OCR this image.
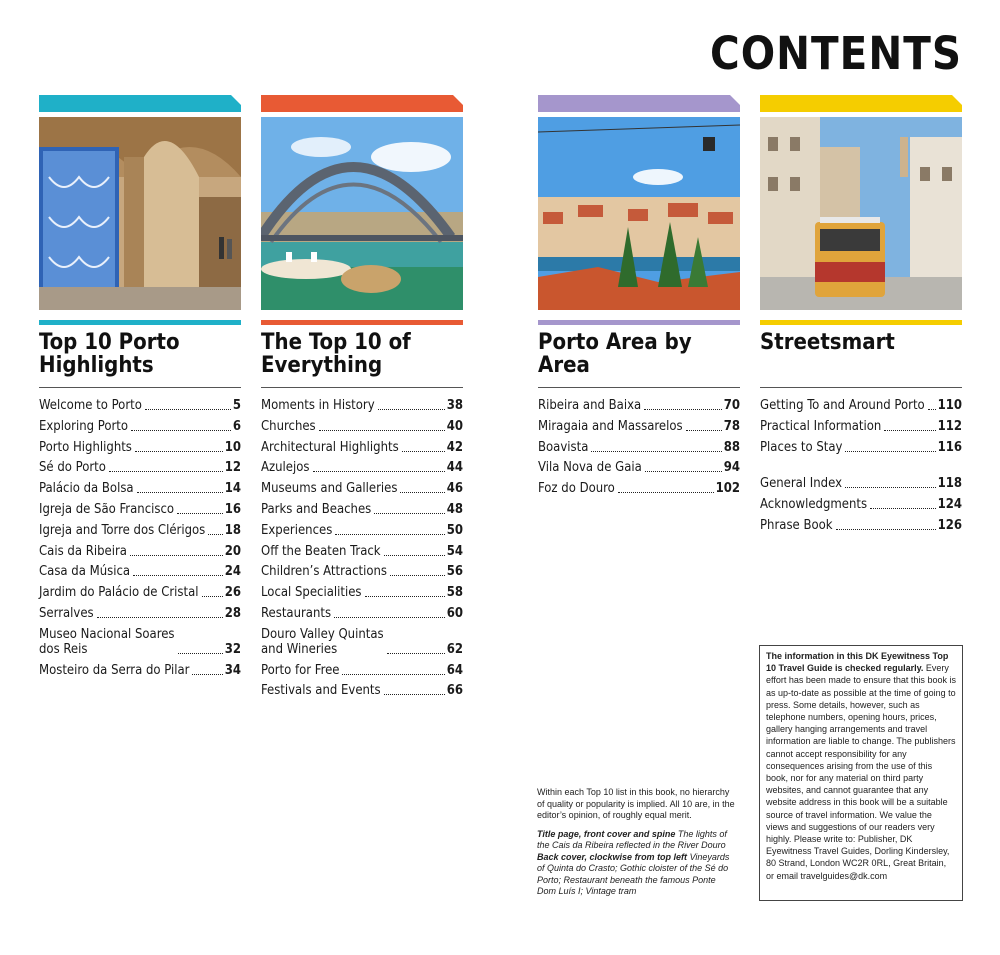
CONTENTS
Top 10 Porto Highlights
Welcome to Porto	5
Exploring Porto	6
Porto Highlights	10
Sé do Porto	12
Palácio da Bolsa	14
Igreja de São Francisco	16
Igreja and Torre dos Clérigos 18
Cais da Ribeira	20
Casa da Música	24
Jardim do Palácio de Cristal 26
Serralves	28
Museo Nacional Soares
dos Reis	32
Mosteiro da Serra do Pilar	34
The Top 10 of Everything
Moments in History	38
Churches	40
Architectural Highlights	42
Azulejos	44
Museums and Galleries	46
Parks and Beaches	48
Experiences	50
Off the Beaten Track	54
Children’s Attractions	56
Local Specialities	58
Restaurants	60
Douro Valley Quintas
and Wineries	62
Porto for Free	64
Festivals and Events	66
Porto Area by Area
Ribeira and Baixa	70
Miragaia and Massarelos	78
Boavista	88
Vila Nova de Gaia	94
Foz do Douro	102
Streetsmart
Getting To and Around Porto 110
Practical Information	112
Places to Stay	116
General Index	118
Acknowledgments	124
Phrase Book	126

Within each Top 10 list in this book, no hierarchy of quality or popularity is implied. All 10 are, in the editor’s opinion, of roughly equal merit.

Title page, front cover and spine The lights of the Cais da Ribeira reflected in the River Douro Back cover, clockwise from top left Vineyards of Quinta do Crasto; Gothic cloister of the Sé do Porto; Restaurant beneath the famous Ponte Dom Luís I; Vintage tram

The information in this DK Eyewitness Top 10 Travel Guide is checked regularly. Every effort has been made to ensure that this book is as up-to-date as possible at the time of going to press. Some details, however, such as telephone numbers, opening hours, prices, gallery hanging arrangements and travel information are liable to change. The publishers cannot accept responsibility for any consequences arising from the use of this book, nor for any material on third party websites, and cannot guarantee that any website address in this book will be a suitable source of travel information. We value the views and suggestions of our readers very highly. Please write to: Publisher, DK Eyewitness Travel Guides, Dorling Kindersley, 80 Strand, London WC2R 0RL, Great Britain, or email travelguides@dk.com
